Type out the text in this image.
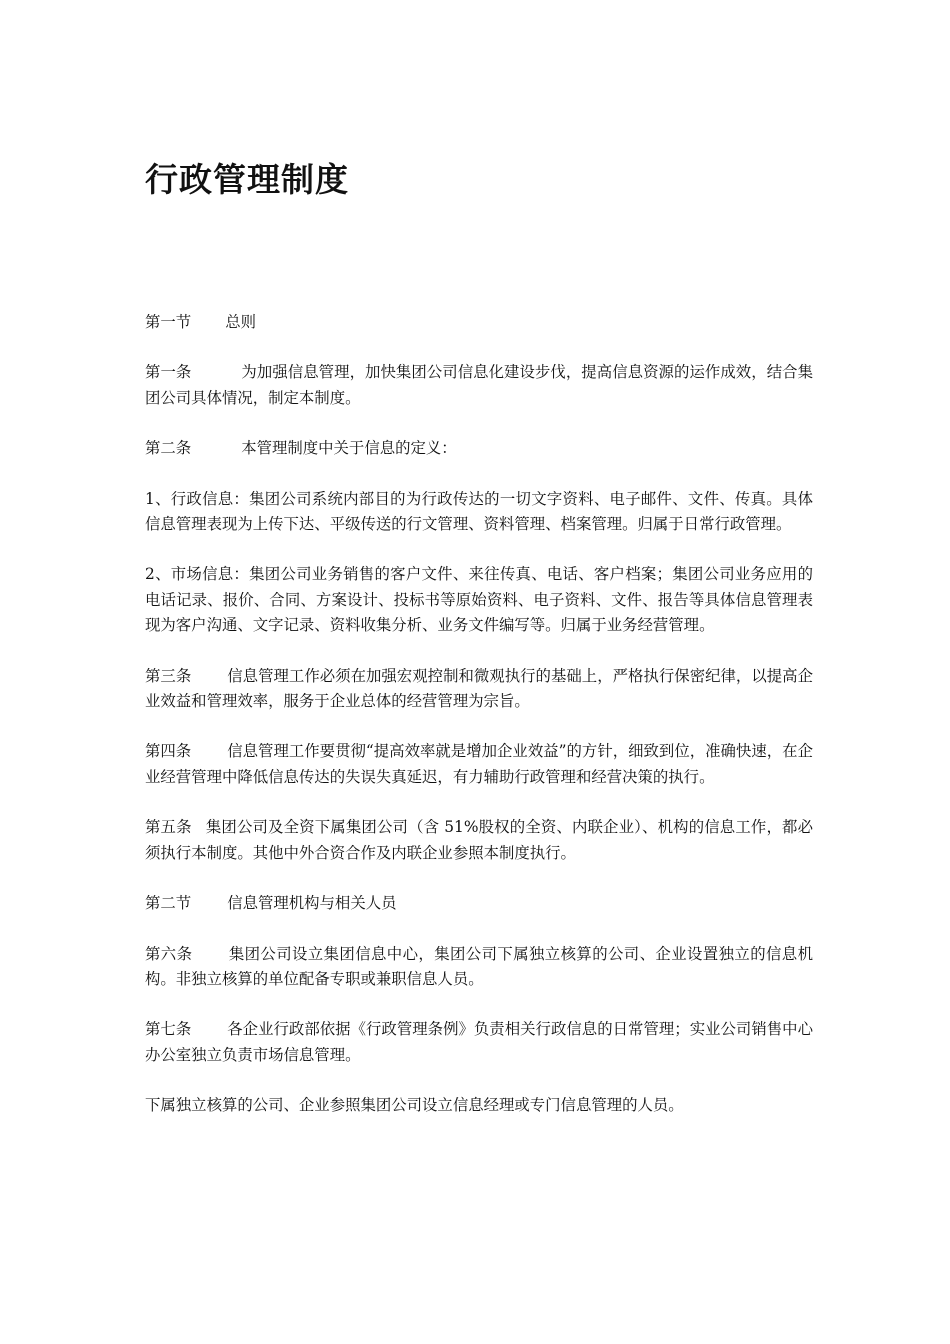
行政管理制度

第一节 总则

第一条	为加强信息管理，加快集团公司信息化建设步伐，提高信息资源的运作成效，结合集团公司具体情况，制定本制度。

第二条	本管理制度中关于信息的定义：

1、行政信息：集团公司系统内部目的为行政传达的一切文字资料、电子邮件、文件、传真。具体信息管理表现为上传下达、平级传送的行文管理、资料管理、档案管理。归属于日常行政管理。

2、市场信息：集团公司业务销售的客户文件、来往传真、电话、客户档案；集团公司业务应用的电话记录、报价、合同、方案设计、投标书等原始资料、电子资料、文件、报告等具体信息管理表现为客户沟通、文字记录、资料收集分析、业务文件编写等。归属于业务经营管理。

第三条 信息管理工作必须在加强宏观控制和微观执行的基础上，严格执行保密纪律，以提高企业效益和管理效率，服务于企业总体的经营管理为宗旨。

第四条 信息管理工作要贯彻“提高效率就是增加企业效益”的方针，细致到位，准确快速，在企业经营管理中降低信息传达的失误失真延迟，有力辅助行政管理和经营决策的执行。

第五条 集团公司及全资下属集团公司（含 51%股权的全资、内联企业）、机构的信息工作，都必须执行本制度。其他中外合资合作及内联企业参照本制度执行。

第二节 信息管理机构与相关人员

第六条 集团公司设立集团信息中心，集团公司下属独立核算的公司、企业设置独立的信息机构。非独立核算的单位配备专职或兼职信息人员。

第七条 各企业行政部依据《行政管理条例》负责相关行政信息的日常管理；实业公司销售中心办公室独立负责市场信息管理。

下属独立核算的公司、企业参照集团公司设立信息经理或专门信息管理的人员。
